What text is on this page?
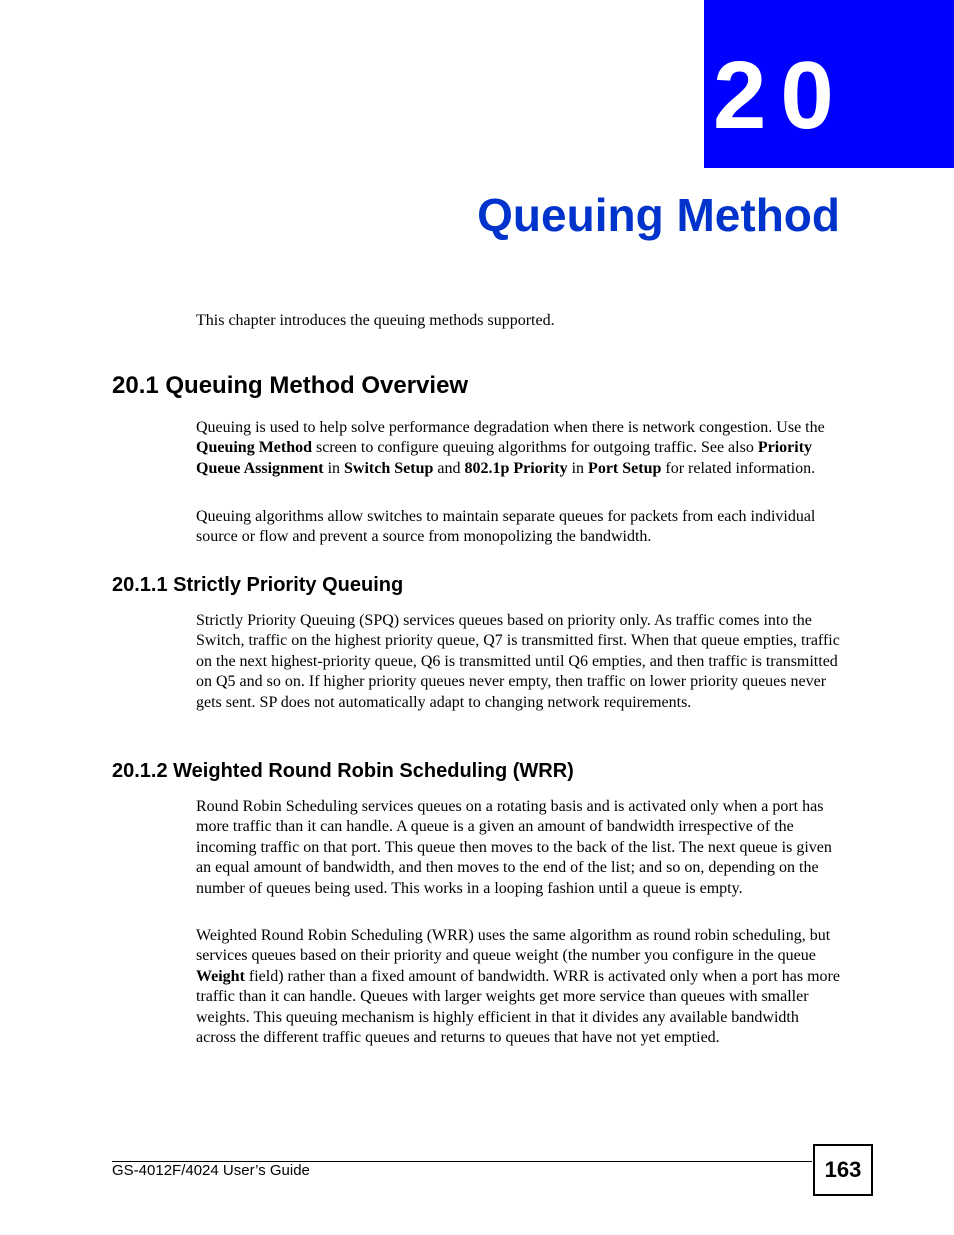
20
Queuing Method

This chapter introduces the queuing methods supported.

20.1 Queuing Method Overview

Queuing is used to help solve performance degradation when there is network congestion. Use the Queuing Method screen to configure queuing algorithms for outgoing traffic. See also Priority Queue Assignment in Switch Setup and 802.1p Priority in Port Setup for related information.

Queuing algorithms allow switches to maintain separate queues for packets from each individual source or flow and prevent a source from monopolizing the bandwidth.

20.1.1 Strictly Priority Queuing

Strictly Priority Queuing (SPQ) services queues based on priority only. As traffic comes into the Switch, traffic on the highest priority queue, Q7 is transmitted first. When that queue empties, traffic on the next highest-priority queue, Q6 is transmitted until Q6 empties, and then traffic is transmitted on Q5 and so on. If higher priority queues never empty, then traffic on lower priority queues never gets sent. SP does not automatically adapt to changing network requirements.

20.1.2 Weighted Round Robin Scheduling (WRR)

Round Robin Scheduling services queues on a rotating basis and is activated only when a port has more traffic than it can handle. A queue is a given an amount of bandwidth irrespective of the incoming traffic on that port. This queue then moves to the back of the list. The next queue is given an equal amount of bandwidth, and then moves to the end of the list; and so on, depending on the number of queues being used. This works in a looping fashion until a queue is empty.

Weighted Round Robin Scheduling (WRR) uses the same algorithm as round robin scheduling, but services queues based on their priority and queue weight (the number you configure in the queue Weight field) rather than a fixed amount of bandwidth. WRR is activated only when a port has more traffic than it can handle. Queues with larger weights get more service than queues with smaller weights. This queuing mechanism is highly efficient in that it divides any available bandwidth across the different traffic queues and returns to queues that have not yet emptied.

GS-4012F/4024 User’s Guide	163
